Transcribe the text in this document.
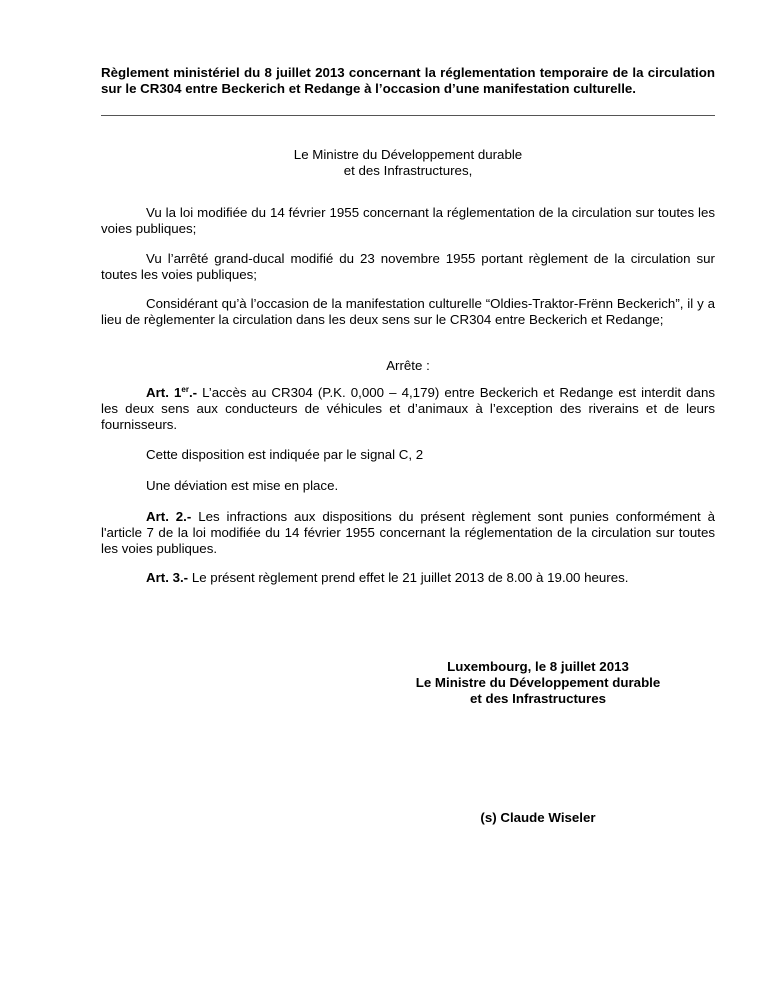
Règlement ministériel du 8 juillet 2013 concernant la réglementation temporaire de la circulation sur le CR304 entre Beckerich et Redange à l’occasion d’une manifestation culturelle.
Le Ministre du Développement durable
et des Infrastructures,
Vu la loi modifiée du 14 février 1955 concernant la réglementation de la circulation sur toutes les voies publiques;
Vu l’arrêté grand-ducal modifié du 23 novembre 1955 portant règlement de la circulation sur toutes les voies publiques;
Considérant qu’à l’occasion de la manifestation culturelle “Oldies-Traktor-Frënn Beckerich”, il y a lieu de règlementer la circulation dans les deux sens sur le CR304 entre Beckerich et Redange;
Arrête :
Art. 1er.- L’accès au CR304 (P.K. 0,000 – 4,179) entre Beckerich et Redange est interdit dans les deux sens aux conducteurs de véhicules et d’animaux à l’exception des riverains et de leurs fournisseurs.
Cette disposition est indiquée par le signal C, 2
Une déviation est mise en place.
Art. 2.- Les infractions aux dispositions du présent règlement sont punies conformément à l'article 7 de la loi modifiée du 14 février 1955 concernant la réglementation de la circulation sur toutes les voies publiques.
Art. 3.- Le présent règlement prend effet le 21 juillet 2013 de 8.00 à 19.00 heures.
Luxembourg, le 8 juillet 2013
Le Ministre du Développement durable
et des Infrastructures
(s) Claude Wiseler
